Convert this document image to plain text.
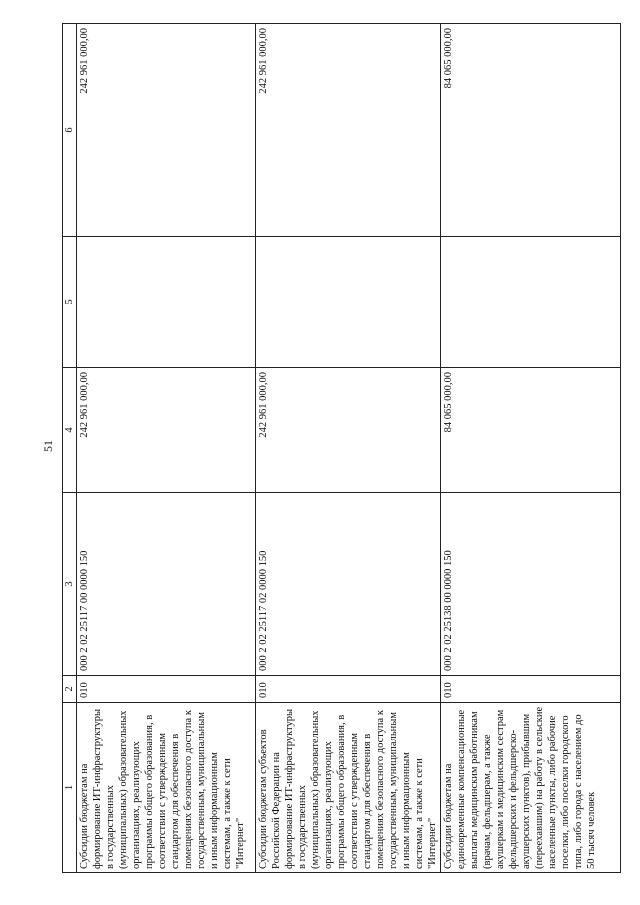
51
1	2	3	4	5	6
Субсидии бюджетам на формирование ИТ-инфраструктуры в государственных (муниципальных) образовательных организациях, реализующих программы общего образования, в соответствии с утвержденным стандартом для обеспечения в помещениях безопасного доступа к государственным, муниципальным и иным информационным системам, а также к сети "Интернет"	010	000 2 02 25117 00 0000 150	242 961 000,00		242 961 000,00
Субсидии бюджетам субъектов Российской Федерации на формирование ИТ-инфраструктуры в государственных (муниципальных) образовательных организациях, реализующих программы общего образования, в соответствии с утвержденным стандартом для обеспечения в помещениях безопасного доступа к государственным, муниципальным и иным информационным системам, а также к сети "Интернет"	010	000 2 02 25117 02 0000 150	242 961 000,00		242 961 000,00
Субсидии бюджетам на единовременные компенсационные выплаты медицинским работникам (врачам, фельдшерам, а также акушеркам и медицинским сестрам фельдшерских и фельдшерско-акушерских пунктов), прибывшим (переехавшим) на работу в сельские населенные пункты, либо рабочие поселки, либо поселки городского типа, либо города с населением до 50 тысяч человек	010	000 2 02 25138 00 0000 150	84 065 000,00		84 065 000,00
